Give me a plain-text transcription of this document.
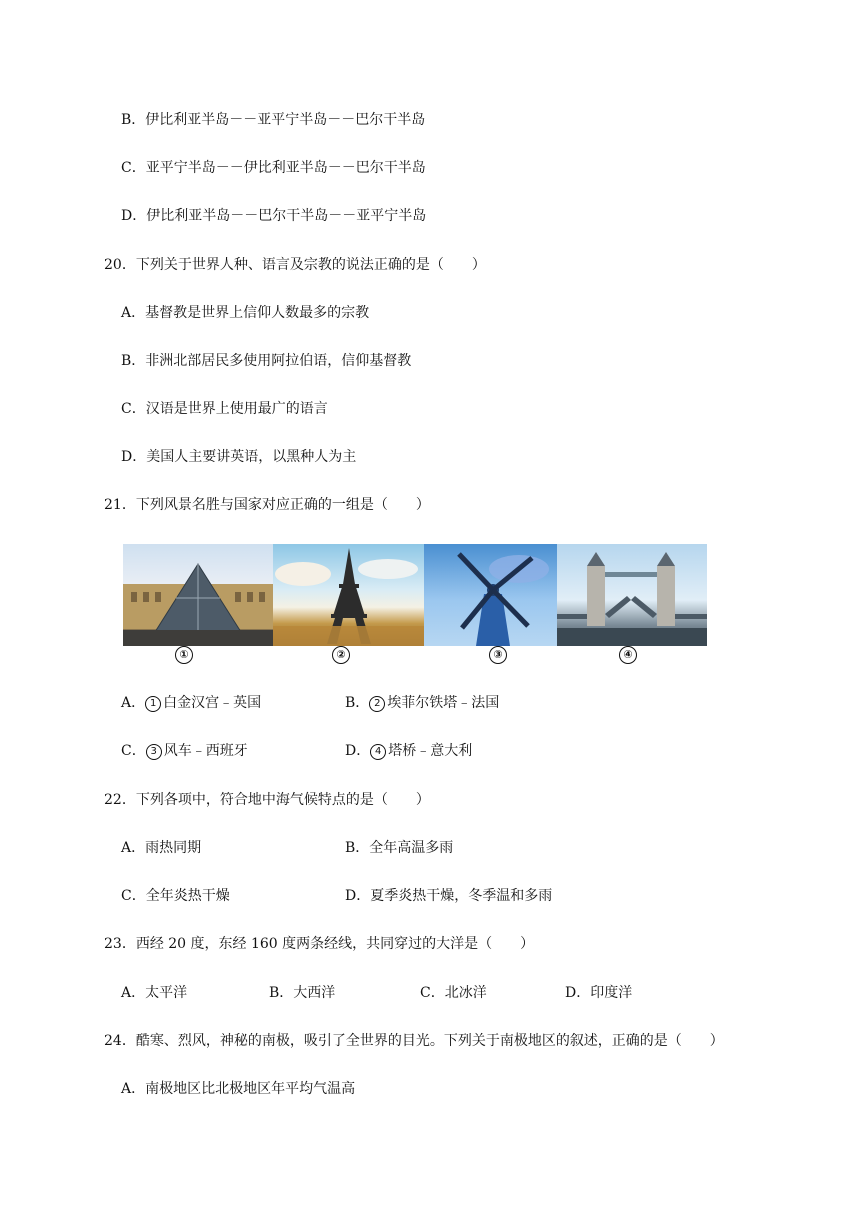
B．伊比利亚半岛－－亚平宁半岛－－巴尔干半岛
C．亚平宁半岛－－伊比利亚半岛－－巴尔干半岛
D．伊比利亚半岛－－巴尔干半岛－－亚平宁半岛
20．下列关于世界人种、语言及宗教的说法正确的是（　　）
A．基督教是世界上信仰人数最多的宗教
B．非洲北部居民多使用阿拉伯语，信仰基督教
C．汉语是世界上使用最广的语言
D．美国人主要讲英语，以黑种人为主
21．下列风景名胜与国家对应正确的一组是（　　）
①	②	③	④
A． 1 白金汉宫﹣英国	B． 2 埃菲尔铁塔﹣法国
C． 3 风车﹣西班牙	D． 4 塔桥﹣意大利
22．下列各项中，符合地中海气候特点的是（　　）
A．雨热同期	B．全年高温多雨
C．全年炎热干燥	D．夏季炎热干燥，冬季温和多雨
23．西经 20 度，东经 160 度两条经线，共同穿过的大洋是（　　）
A．太平洋	B．大西洋	C．北冰洋	D．印度洋
24．酷寒、烈风，神秘的南极，吸引了全世界的目光。下列关于南极地区的叙述，正确的是（　　）
A．南极地区比北极地区年平均气温高
